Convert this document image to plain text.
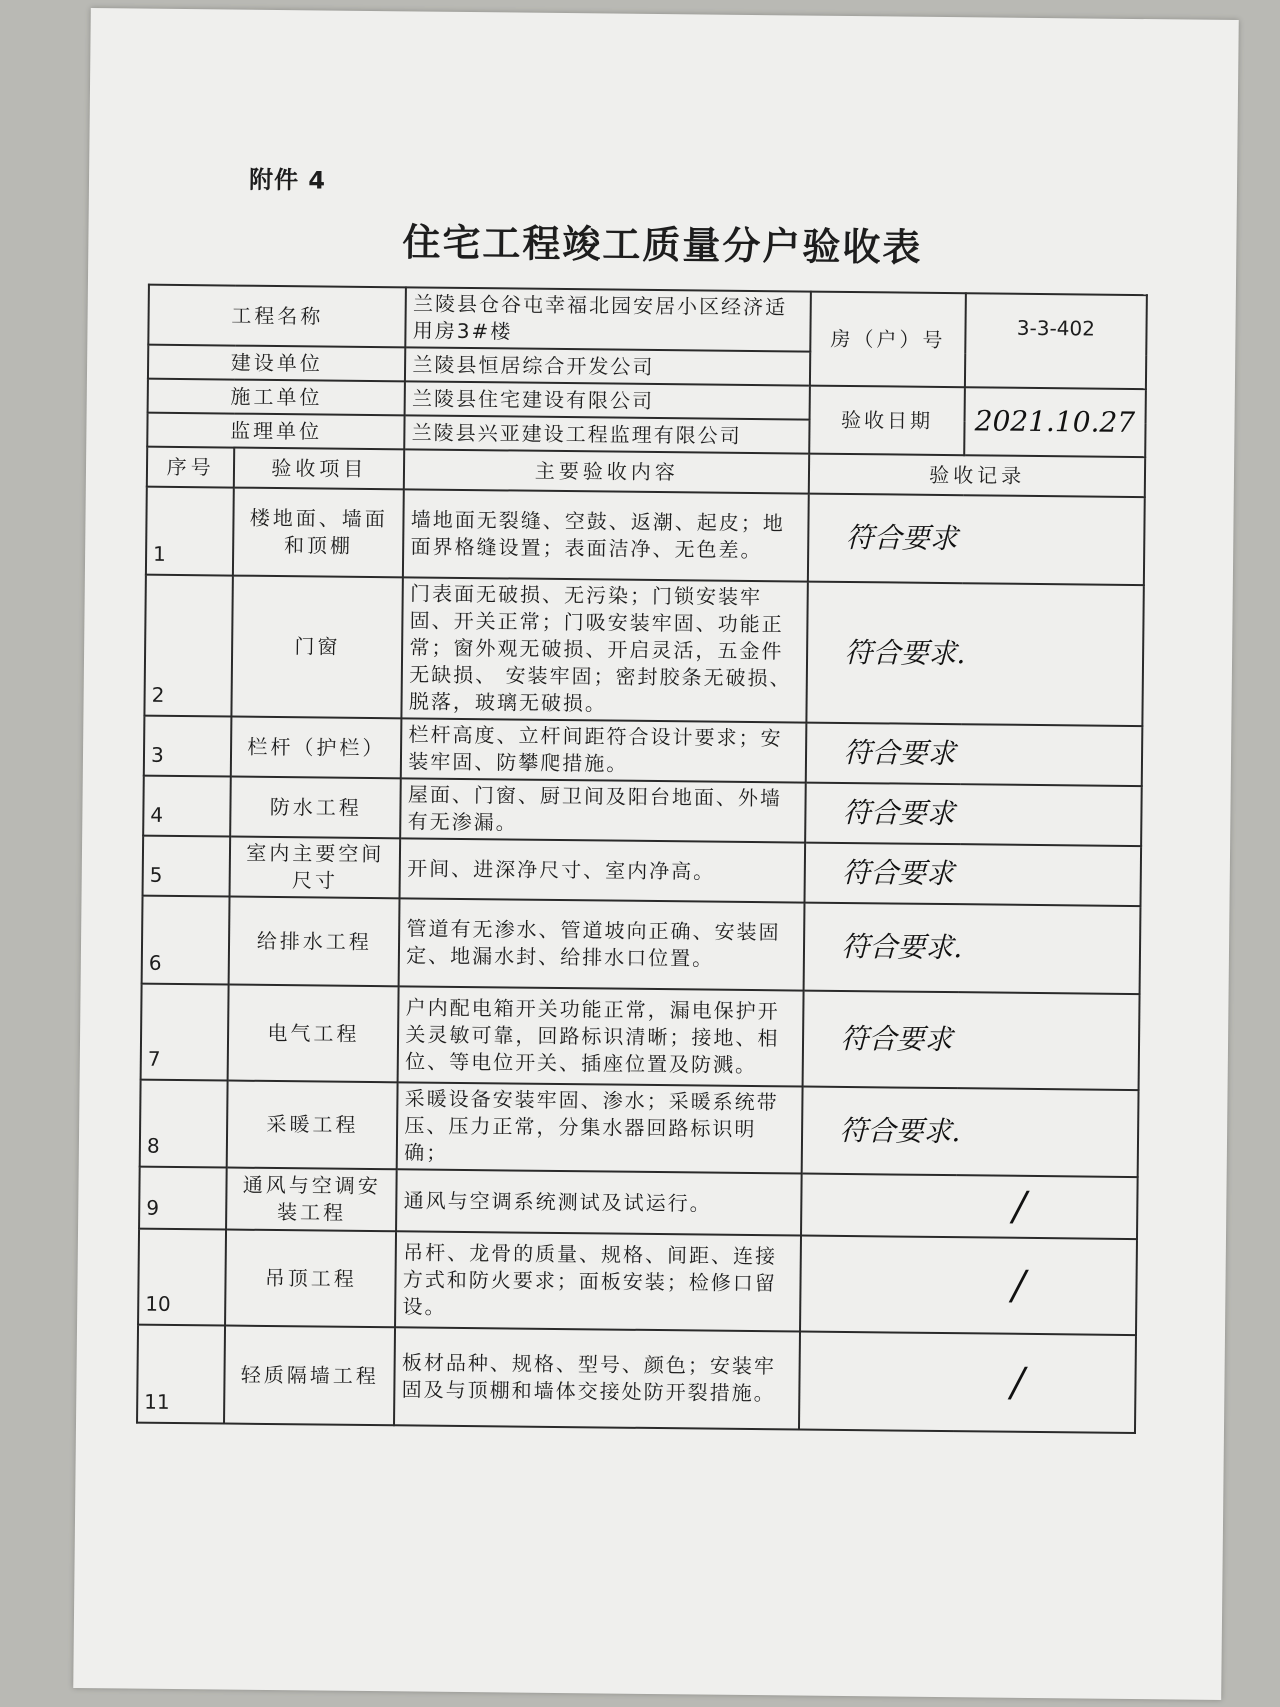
附件 4
住宅工程竣工质量分户验收表
工程名称		兰陵县仓谷屯幸福北园安居小区经济适用房3#楼	房（户）号	3-3-402
建设单位		兰陵县恒居综合开发公司		
施工单位		兰陵县住宅建设有限公司	验收日期	2021.10.27
监理单位		兰陵县兴亚建设工程监理有限公司		
序号	验收项目	主要验收内容	验收记录	
1	楼地面、墙面和顶棚	墙地面无裂缝、空鼓、返潮、起皮；地面界格缝设置；表面洁净、无色差。	符合要求	
2	门窗	门表面无破损、无污染；门锁安装牢固、开关正常；门吸安装牢固、功能正常；窗外观无破损、开启灵活，五金件无缺损、 安装牢固；密封胶条无破损、脱落，玻璃无破损。	符合要求.	
3	栏杆（护栏）	栏杆高度、立杆间距符合设计要求；安装牢固、防攀爬措施。	符合要求	
4	防水工程	屋面、门窗、厨卫间及阳台地面、外墙有无渗漏。	符合要求	
5	室内主要空间尺寸	开间、进深净尺寸、室内净高。	符合要求	
6	给排水工程	管道有无渗水、管道坡向正确、安装固定、地漏水封、给排水口位置。	符合要求.	
7	电气工程	户内配电箱开关功能正常，漏电保护开关灵敏可靠，回路标识清晰；接地、相位、等电位开关、插座位置及防溅。	符合要求	
8	采暖工程	采暖设备安装牢固、渗水；采暖系统带压、压力正常，分集水器回路标识明确；	符合要求.	
9	通风与空调安装工程	通风与空调系统测试及试运行。	/	
10	吊顶工程	吊杆、龙骨的质量、规格、间距、连接方式和防火要求；面板安装；检修口留设。	/	
11	轻质隔墙工程	板材品种、规格、型号、颜色；安装牢固及与顶棚和墙体交接处防开裂措施。	/	
